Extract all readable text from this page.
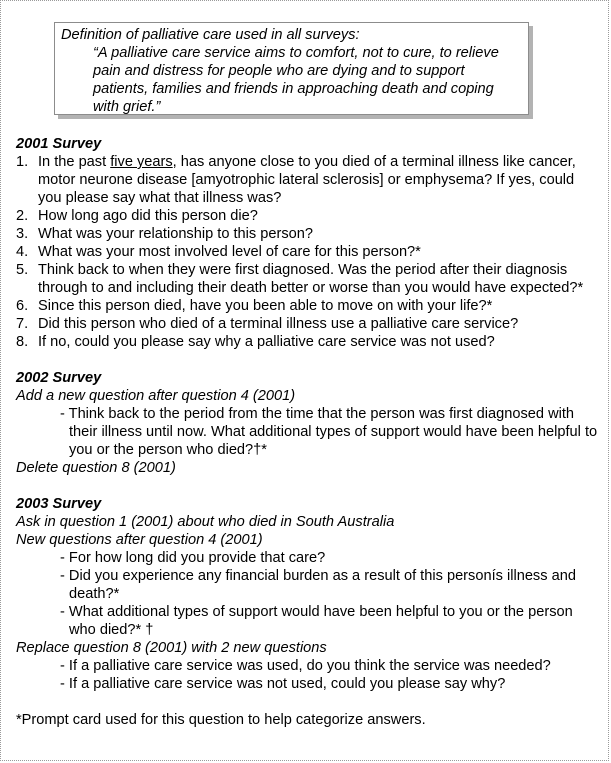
Definition of palliative care used in all surveys:

“A palliative care service aims to comfort, not to cure, to relieve pain and distress for people who are dying and to support patients, families and friends in approaching death and coping with grief.”

2001 Survey

1. In the past five years, has anyone close to you died of a terminal illness like cancer, motor neurone disease [amyotrophic lateral sclerosis] or emphysema? If yes, could you please say what that illness was?
2. How long ago did this person die?
3. What was your relationship to this person?
4. What was your most involved level of care for this person?*
5. Think back to when they were first diagnosed. Was the period after their diagnosis through to and including their death better or worse than you would have expected?*
6. Since this person died, have you been able to move on with your life?*
7. Did this person who died of a terminal illness use a palliative care service?
8. If no, could you please say why a palliative care service was not used?

2002 Survey

Add a new question after question 4 (2001)

- Think back to the period from the time that the person was first diagnosed with their illness until now. What additional types of support would have been helpful to you or the person who died?†*

Delete question 8 (2001)

2003 Survey

Ask in question 1 (2001) about who died in South Australia

New questions after question 4 (2001)

- For how long did you provide that care?

- Did you experience any financial burden as a result of this personís illness and death?*

- What additional types of support would have been helpful to you or the person who died?* †

Replace question 8 (2001) with 2 new questions

- If a palliative care service was used, do you think the service was needed?

- If a palliative care service was not used, could you please say why?

*Prompt card used for this question to help categorize answers.
